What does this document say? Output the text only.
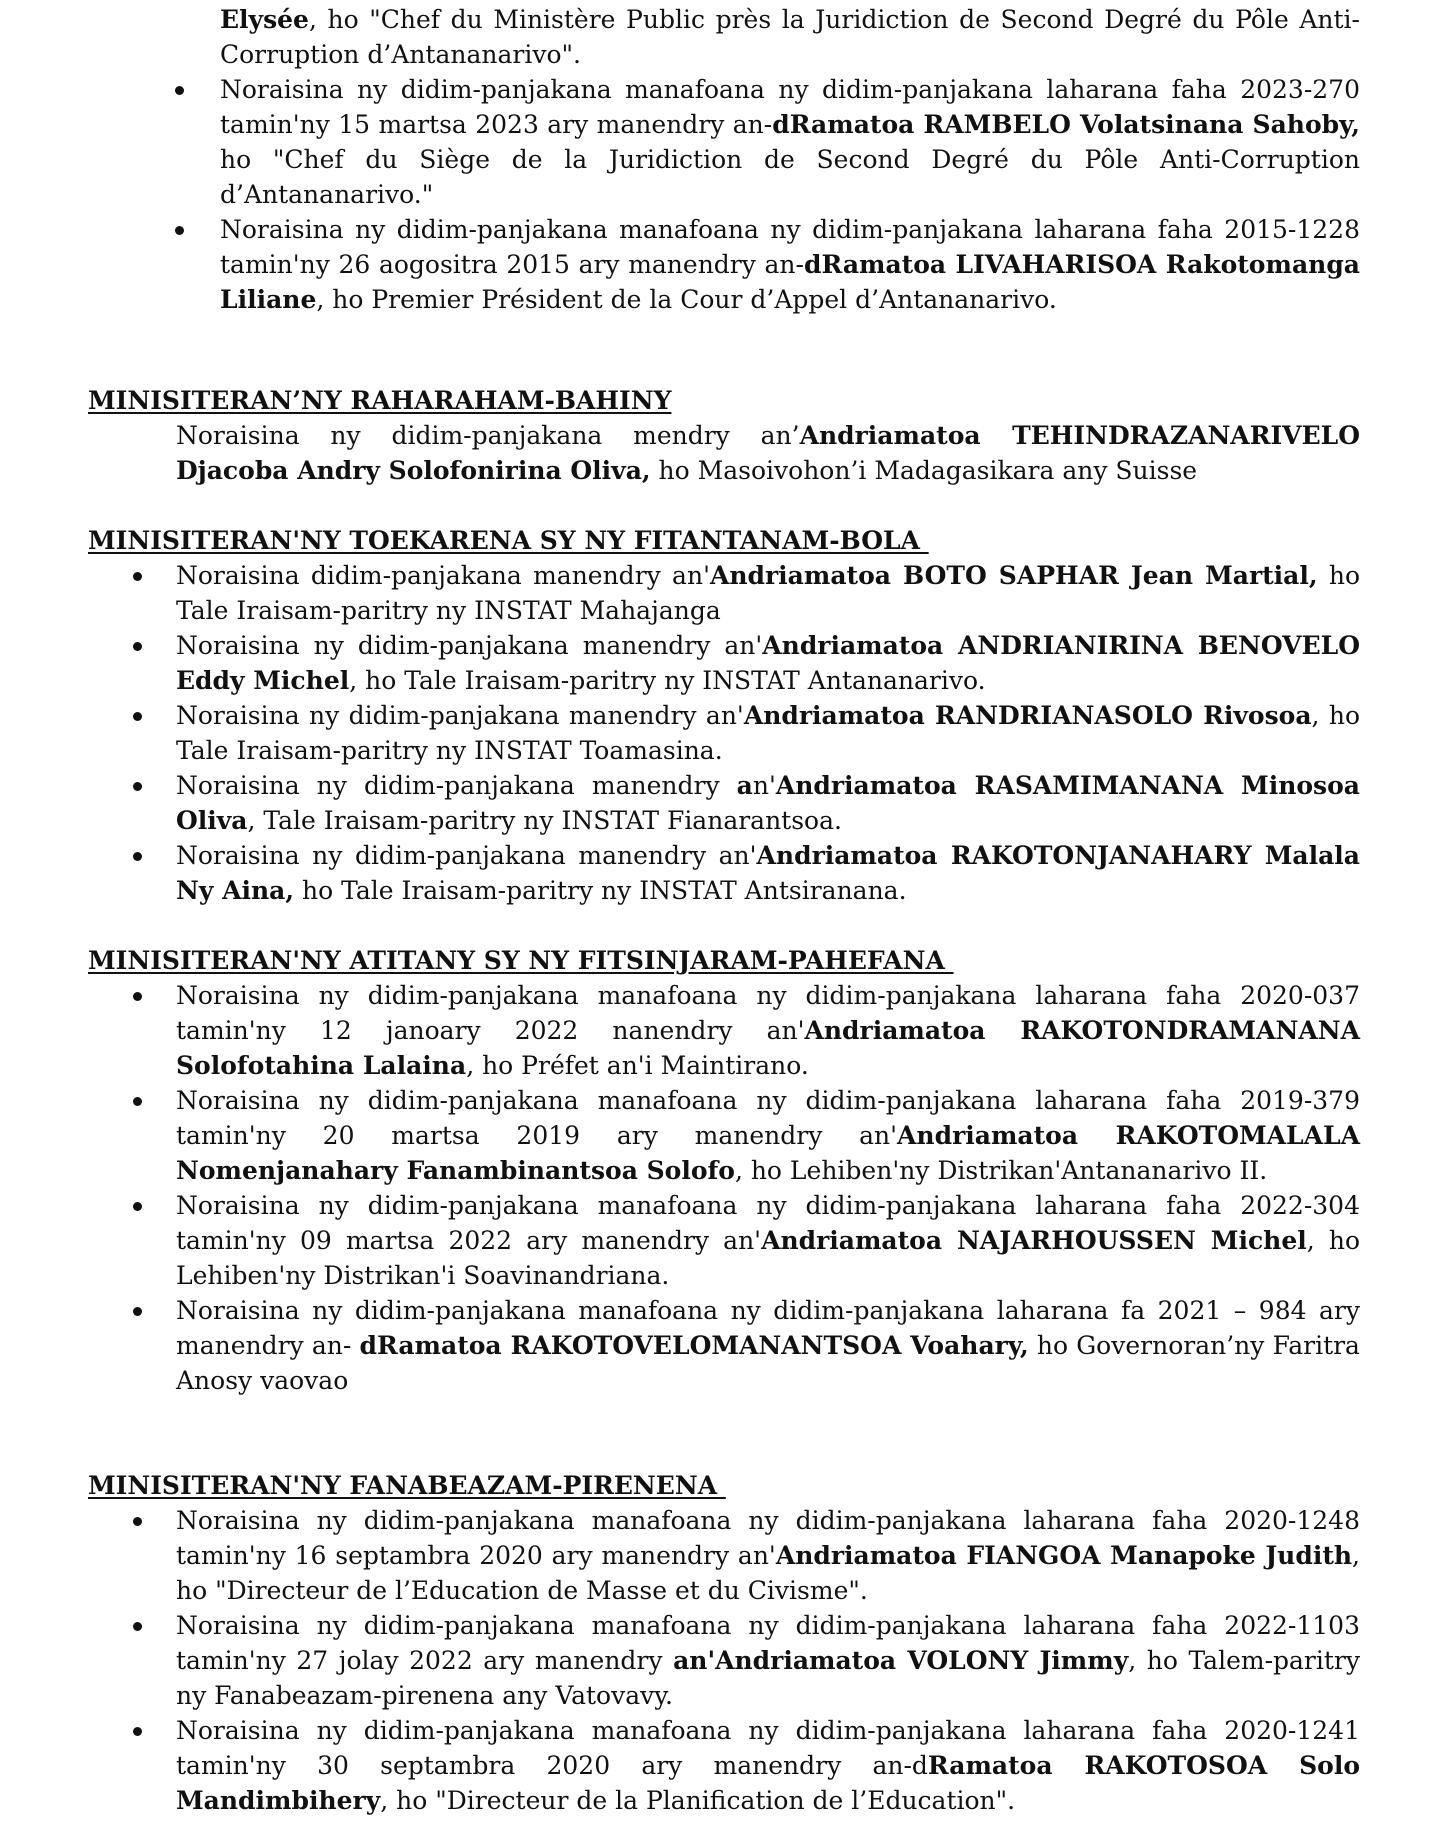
Elysée, ho "Chef du Ministère Public près la Juridiction de Second Degré du Pôle Anti-Corruption d’Antananarivo".

Noraisina ny didim-panjakana manafoana ny didim-panjakana laharana faha 2023-270 tamin'ny 15 martsa 2023 ary manendry an-dRamatoa RAMBELO Volatsinana Sahoby, ho "Chef du Siège de la Juridiction de Second Degré du Pôle Anti-Corruption d’Antananarivo."
Noraisina ny didim-panjakana manafoana ny didim-panjakana laharana faha 2015-1228 tamin'ny 26 aogositra 2015 ary manendry an-dRamatoa LIVAHARISOA Rakotomanga Liliane, ho Premier Président de la Cour d’Appel d’Antananarivo.

MINISITERAN’NY RAHARAHAM-BAHINY

Noraisina ny didim-panjakana mendry an’Andriamatoa TEHINDRAZANARIVELO Djacoba Andry Solofonirina Oliva, ho Masoivohon’i Madagasikara any Suisse

MINISITERAN'NY TOEKARENA SY NY FITANTANAM-BOLA

Noraisina didim-panjakana manendry an'Andriamatoa BOTO SAPHAR Jean Martial, ho Tale Iraisam-paritry ny INSTAT Mahajanga
Noraisina ny didim-panjakana manendry an'Andriamatoa ANDRIANIRINA BENOVELO Eddy Michel, ho Tale Iraisam-paritry ny INSTAT Antananarivo.
Noraisina ny didim-panjakana manendry an'Andriamatoa RANDRIANASOLO Rivosoa, ho Tale Iraisam-paritry ny INSTAT Toamasina.
Noraisina ny didim-panjakana manendry an'Andriamatoa RASAMIMANANA Minosoa Oliva, Tale Iraisam-paritry ny INSTAT Fianarantsoa.
Noraisina ny didim-panjakana manendry an'Andriamatoa RAKOTONJANAHARY Malala Ny Aina, ho Tale Iraisam-paritry ny INSTAT Antsiranana.

MINISITERAN'NY ATITANY SY NY FITSINJARAM-PAHEFANA

Noraisina ny didim-panjakana manafoana ny didim-panjakana laharana faha 2020-037 tamin'ny 12 janoary 2022 nanendry an'Andriamatoa RAKOTONDRAMANANA Solofotahina Lalaina, ho Préfet an'i Maintirano.
Noraisina ny didim-panjakana manafoana ny didim-panjakana laharana faha 2019-379 tamin'ny 20 martsa 2019 ary manendry an'Andriamatoa RAKOTOMALALA Nomenjanahary Fanambinantsoa Solofo, ho Lehiben'ny Distrikan'Antananarivo II.
Noraisina ny didim-panjakana manafoana ny didim-panjakana laharana faha 2022-304 tamin'ny 09 martsa 2022 ary manendry an'Andriamatoa NAJARHOUSSEN Michel, ho Lehiben'ny Distrikan'i Soavinandriana.
Noraisina ny didim-panjakana manafoana ny didim-panjakana laharana fa 2021 – 984 ary manendry an- dRamatoa RAKOTOVELOMANANTSOA Voahary, ho Governoran’ny Faritra Anosy vaovao

MINISITERAN'NY FANABEAZAM-PIRENENA

Noraisina ny didim-panjakana manafoana ny didim-panjakana laharana faha 2020-1248 tamin'ny 16 septambra 2020 ary manendry an'Andriamatoa FIANGOA Manapoke Judith, ho "Directeur de l’Education de Masse et du Civisme".
Noraisina ny didim-panjakana manafoana ny didim-panjakana laharana faha 2022-1103 tamin'ny 27 jolay 2022 ary manendry an'Andriamatoa VOLONY Jimmy, ho Talem-paritry ny Fanabeazam-pirenena any Vatovavy.
Noraisina ny didim-panjakana manafoana ny didim-panjakana laharana faha 2020-1241 tamin'ny 30 septambra 2020 ary manendry an-dRamatoa RAKOTOSOA Solo Mandimbihery, ho "Directeur de la Planification de l’Education".
